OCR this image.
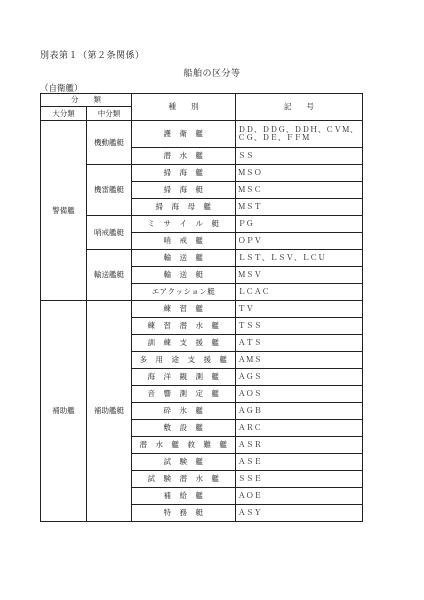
別表第１（第２条関係）
船舶の区分等
（自衛艦）
分　　類		種　　別	記　　号
大分類	中分類		
警備艦	機動艦艇	護　衛　艦	ＤＤ、ＤＤＧ、ＤＤＨ、ＣＶＭ、ＣＧ、ＤＥ、ＦＦＭ
		潜　水　艦	ＳＳ
	機雷艦艇	掃　海　艦	ＭＳＯ
		掃　海　艇	ＭＳＣ
		掃　海　母　艦	ＭＳＴ
	哨戒艦艇	ミ　サ　イ　ル　艇	ＰＧ
		哨　戒　艦	ＯＰＶ
	輸送艦艇	輸　送　艦	ＬＳＴ、ＬＳＶ、ＬＣＵ
		輸　送　艇	ＭＳＶ
		エアクッション艇	ＬＣＡＣ
補助艦	補助艦艇	練　習　艦	ＴＶ
		練　習　潜　水　艦	ＴＳＳ
		訓　練　支　援　艦	ＡＴＳ
		多　用　途　支　援　艦	ＡＭＳ
		海　洋　観　測　艦	ＡＧＳ
		音　響　測　定　艦	ＡＯＳ
		砕　氷　艦	ＡＧＢ
		敷　設　艦	ＡＲＣ
		潜　水　艦　救　難　艦	ＡＳＲ
		試　験　艦	ＡＳＥ
		試　験　潜　水　艦	ＳＳＥ
		補　給　艦	ＡＯＥ
		特　務　艇	ＡＳＹ
